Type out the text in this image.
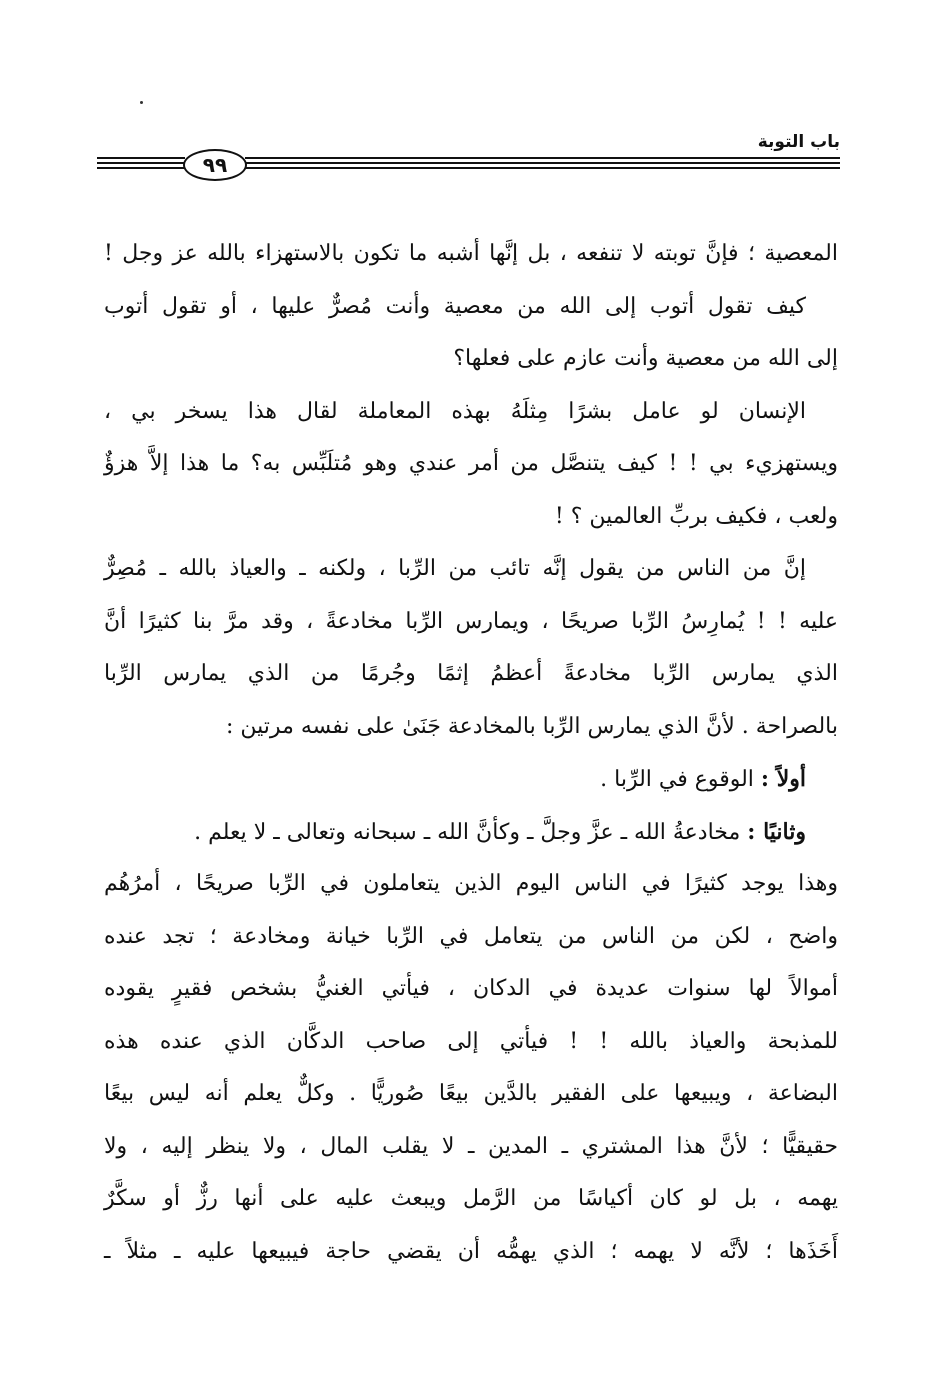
باب التوبة
٩٩
المعصية ؛ فإنَّ توبته لا تنفعه ، بل إنَّها أشبه ما تكون بالاستهزاء بالله عز وجل !
كيف تقول أتوب إلى الله من معصية وأنت مُصرٌّ عليها ، أو تقول أتوب
إلى الله من معصية وأنت عازم على فعلها؟
الإنسان لو عامل بشرًا مِثلَهُ بهذه المعاملة لقال هذا يسخر بي ،
ويستهزيء بي ! ! كيف يتنصَّل من أمر عندي وهو مُتلَبِّس به؟ ما هذا إلاَّ هزؤٌ
ولعب ، فكيف بربِّ العالمين ؟ !
إنَّ من الناس من يقول إنَّه تائب من الرِّبا ، ولكنه ـ والعياذ بالله ـ مُصِرٌّ
عليه ! ! يُمارِسُ الرِّبا صريحًا ، ويمارس الرِّبا مخادعةً ، وقد مرَّ بنا كثيرًا أنَّ
الذي يمارس الرِّبا مخادعةً أعظمُ إثمًا وجُرمًا من الذي يمارس الرِّبا
بالصراحة . لأنَّ الذي يمارس الرِّبا بالمخادعة جَنَىٰ على نفسه مرتين :
أولاً : الوقوع في الرِّبا .
وثانيًا : مخادعةُ الله ـ عزَّ وجلَّ ـ وكأنَّ الله ـ سبحانه وتعالى ـ لا يعلم .
وهذا يوجد كثيرًا في الناس اليوم الذين يتعاملون في الرِّبا صريحًا ، أمرُهُم
واضح ، لكن من الناس من يتعامل في الرِّبا خيانة ومخادعة ؛ تجد عنده
أموالاً لها سنوات عديدة في الدكان ، فيأتي الغنيُّ بشخص فقيرٍ يقوده
للمذبحة والعياذ بالله ! ! فيأتي إلى صاحب الدكَّان الذي عنده هذه
البضاعة ، ويبيعها على الفقير بالدَّين بيعًا صُوريًّا . وكلٌّ يعلم أنه ليس بيعًا
حقيقيًّا ؛ لأنَّ هذا المشتري ـ المدين ـ لا يقلب المال ، ولا ينظر إليه ، ولا
يهمه ، بل لو كان أكياسًا من الرَّمل ويبعث عليه على أنها رزٌّ أو سكَّرٌ
أَخَذَها ؛ لأنَّه لا يهمه ؛ الذي يهمُّه أن يقضي حاجة فيبيعها عليه ـ مثلاً ـ
